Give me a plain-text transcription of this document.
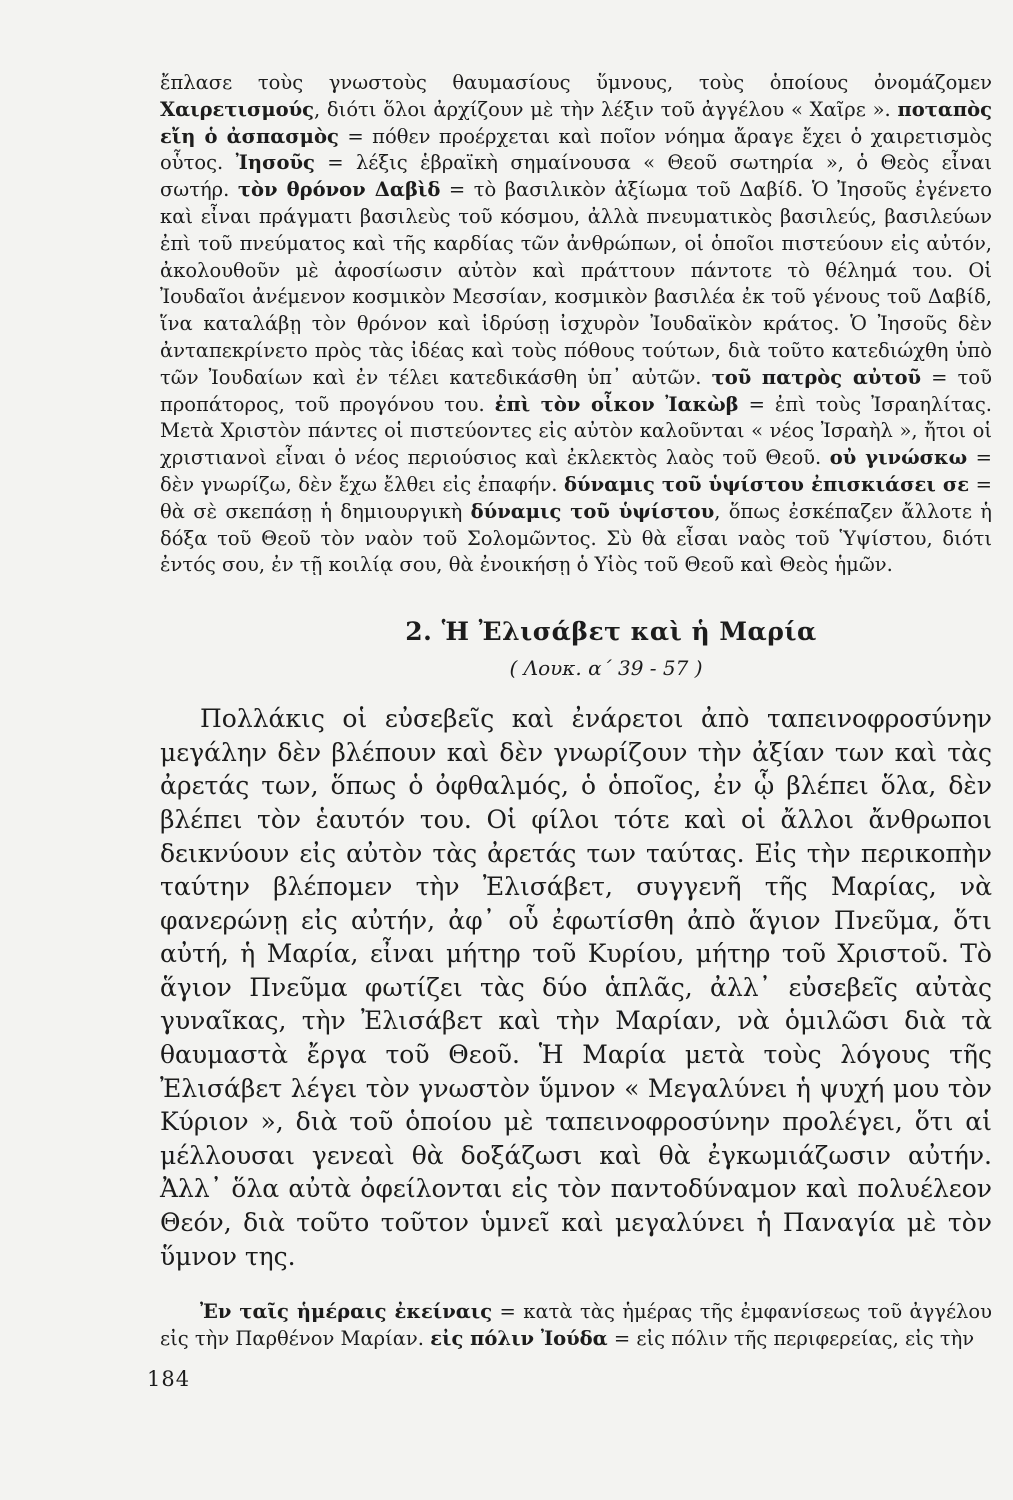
ἔπλασε τοὺς γνωστοὺς θαυμασίους ὕμνους, τοὺς ὁποίους ὀνομάζομεν Χαιρετισμούς, διότι ὅλοι ἀρχίζουν μὲ τὴν λέξιν τοῦ ἀγγέλου « Χαῖρε ». ποταπὸς εἴη ὁ ἀσπασμὸς = πόθεν προέρχεται καὶ ποῖον νόημα ἄραγε ἔχει ὁ χαιρετισμὸς οὗτος. Ἰησοῦς = λέξις ἑβραϊκὴ σημαίνουσα « Θεοῦ σωτηρία », ὁ Θεὸς εἶναι σωτήρ. τὸν θρόνον Δαβὶδ = τὸ βασιλικὸν ἀξίωμα τοῦ Δαβίδ. Ὁ Ἰησοῦς ἐγένετο καὶ εἶναι πράγματι βασιλεὺς τοῦ κόσμου, ἀλλὰ πνευματικὸς βασιλεύς, βασιλεύων ἐπὶ τοῦ πνεύματος καὶ τῆς καρδίας τῶν ἀνθρώπων, οἱ ὁποῖοι πιστεύουν εἰς αὐτόν, ἀκολουθοῦν μὲ ἀφοσίωσιν αὐτὸν καὶ πράττουν πάντοτε τὸ θέλημά του. Οἱ Ἰουδαῖοι ἀνέμενον κοσμικὸν Μεσσίαν, κοσμικὸν βασιλέα ἐκ τοῦ γένους τοῦ Δαβίδ, ἵνα καταλάβῃ τὸν θρόνον καὶ ἱδρύσῃ ἰσχυρὸν Ἰουδαϊκὸν κράτος. Ὁ Ἰησοῦς δὲν ἀνταπεκρίνετο πρὸς τὰς ἰδέας καὶ τοὺς πόθους τούτων, διὰ τοῦτο κατεδιώχθη ὑπὸ τῶν Ἰουδαίων καὶ ἐν τέλει κατεδικάσθη ὑπ᾿ αὐτῶν. τοῦ πατρὸς αὐτοῦ = τοῦ προπάτορος, τοῦ προγόνου του. ἐπὶ τὸν οἶκον Ἰακὼβ = ἐπὶ τοὺς Ἰσραηλίτας. Μετὰ Χριστὸν πάντες οἱ πιστεύοντες εἰς αὐτὸν καλοῦνται « νέος Ἰσραὴλ », ἤτοι οἱ χριστιανοὶ εἶναι ὁ νέος περιούσιος καὶ ἐκλεκτὸς λαὸς τοῦ Θεοῦ. οὐ γινώσκω = δὲν γνωρίζω, δὲν ἔχω ἔλθει εἰς ἐπαφήν. δύναμις τοῦ ὑψίστου ἐπισκιάσει σε = θὰ σὲ σκεπάσῃ ἡ δημιουργικὴ δύναμις τοῦ ὑψίστου, ὅπως ἐσκέπαζεν ἄλλοτε ἡ δόξα τοῦ Θεοῦ τὸν ναὸν τοῦ Σολομῶντος. Σὺ θὰ εἶσαι ναὸς τοῦ Ὑψίστου, διότι ἐντός σου, ἐν τῇ κοιλίᾳ σου, θὰ ἐνοικήσῃ ὁ Υἱὸς τοῦ Θεοῦ καὶ Θεὸς ἡμῶν.

2. Ἡ Ἐλισάβετ καὶ ἡ Μαρία
( Λουκ. α΄ 39 - 57 )

Πολλάκις οἱ εὐσεβεῖς καὶ ἐνάρετοι ἀπὸ ταπεινοφροσύνην μεγάλην δὲν βλέπουν καὶ δὲν γνωρίζουν τὴν ἀξίαν των καὶ τὰς ἀρετάς των, ὅπως ὁ ὀφθαλμός, ὁ ὁποῖος, ἐν ᾧ βλέπει ὅλα, δὲν βλέπει τὸν ἑαυτόν του. Οἱ φίλοι τότε καὶ οἱ ἄλλοι ἄνθρωποι δεικνύουν εἰς αὐτὸν τὰς ἀρετάς των ταύτας. Εἰς τὴν περικοπὴν ταύτην βλέπομεν τὴν Ἐλισάβετ, συγγενῆ τῆς Μαρίας, νὰ φανερώνῃ εἰς αὐτήν, ἀφ᾿ οὗ ἐφωτίσθη ἀπὸ ἅγιον Πνεῦμα, ὅτι αὐτή, ἡ Μαρία, εἶναι μήτηρ τοῦ Κυρίου, μήτηρ τοῦ Χριστοῦ. Τὸ ἅγιον Πνεῦμα φωτίζει τὰς δύο ἁπλᾶς, ἀλλ᾿ εὐσεβεῖς αὐτὰς γυναῖκας, τὴν Ἐλισάβετ καὶ τὴν Μαρίαν, νὰ ὁμιλῶσι διὰ τὰ θαυμαστὰ ἔργα τοῦ Θεοῦ. Ἡ Μαρία μετὰ τοὺς λόγους τῆς Ἐλισάβετ λέγει τὸν γνωστὸν ὕμνον « Μεγαλύνει ἡ ψυχή μου τὸν Κύριον », διὰ τοῦ ὁποίου μὲ ταπεινοφροσύνην προλέγει, ὅτι αἱ μέλλουσαι γενεαὶ θὰ δοξάζωσι καὶ θὰ ἐγκωμιάζωσιν αὐτήν. Ἀλλ᾿ ὅλα αὐτὰ ὀφείλονται εἰς τὸν παντοδύναμον καὶ πολυέλεον Θεόν, διὰ τοῦτο τοῦτον ὑμνεῖ καὶ μεγαλύνει ἡ Παναγία μὲ τὸν ὕμνον της.

Ἐν ταῖς ἡμέραις ἐκείναις = κατὰ τὰς ἡμέρας τῆς ἐμφανίσεως τοῦ ἀγγέλου εἰς τὴν Παρθένον Μαρίαν. εἰς πόλιν Ἰούδα = εἰς πόλιν τῆς περιφερείας, εἰς τὴν

184
